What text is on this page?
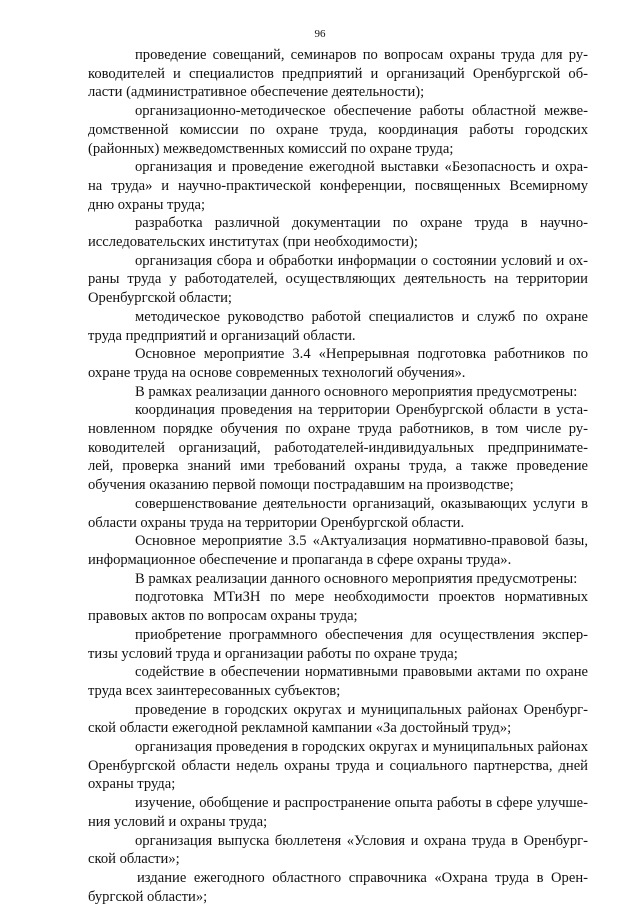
96
проведение совещаний, семинаров по вопросам охраны труда для ру-
ководителей и специалистов предприятий и организаций Оренбургской об-
ласти (административное обеспечение деятельности);
организационно-методическое обеспечение работы областной межве-
домственной комиссии по охране труда, координация работы городских
(районных) межведомственных комиссий по охране труда;
организация и проведение ежегодной выставки «Безопасность и охра-
на труда» и научно-практической конференции, посвященных Всемирному
дню охраны труда;
разработка различной документации по охране труда в научно-
исследовательских институтах (при необходимости);
организация сбора и обработки информации о состоянии условий и ох-
раны труда у работодателей, осуществляющих деятельность на территории
Оренбургской области;
методическое руководство работой специалистов и служб по охране
труда предприятий и организаций области.
Основное мероприятие 3.4 «Непрерывная подготовка работников по
охране труда на основе современных технологий обучения».
В рамках реализации данного основного мероприятия предусмотрены:
координация проведения на территории Оренбургской области в уста-
новленном порядке обучения по охране труда работников, в том числе ру-
ководителей организаций, работодателей-индивидуальных предпринимате-
лей, проверка знаний ими требований охраны труда, а также проведение
обучения оказанию первой помощи пострадавшим на производстве;
совершенствование деятельности организаций, оказывающих услуги в
области охраны труда на территории Оренбургской области.
Основное мероприятие 3.5 «Актуализация нормативно-правовой базы,
информационное обеспечение и пропаганда в сфере охраны труда».
В рамках реализации данного основного мероприятия предусмотрены:
подготовка МТиЗН по мере необходимости проектов нормативных
правовых актов по вопросам охраны труда;
приобретение программного обеспечения для осуществления экспер-
тизы условий труда и организации работы по охране труда;
содействие в обеспечении нормативными правовыми актами по охране
труда всех заинтересованных субъектов;
проведение в городских округах и муниципальных районах Оренбург-
ской области ежегодной рекламной кампании «За достойный труд»;
организация проведения в городских округах и муниципальных районах
Оренбургской области недель охраны труда и социального партнерства, дней
охраны труда;
изучение, обобщение и распространение опыта работы в сфере улучше-
ния условий и охраны труда;
организация выпуска бюллетеня «Условия и охрана труда в Оренбург-
ской области»;
издание ежегодного областного справочника «Охрана труда в Орен-
бургской области»;
